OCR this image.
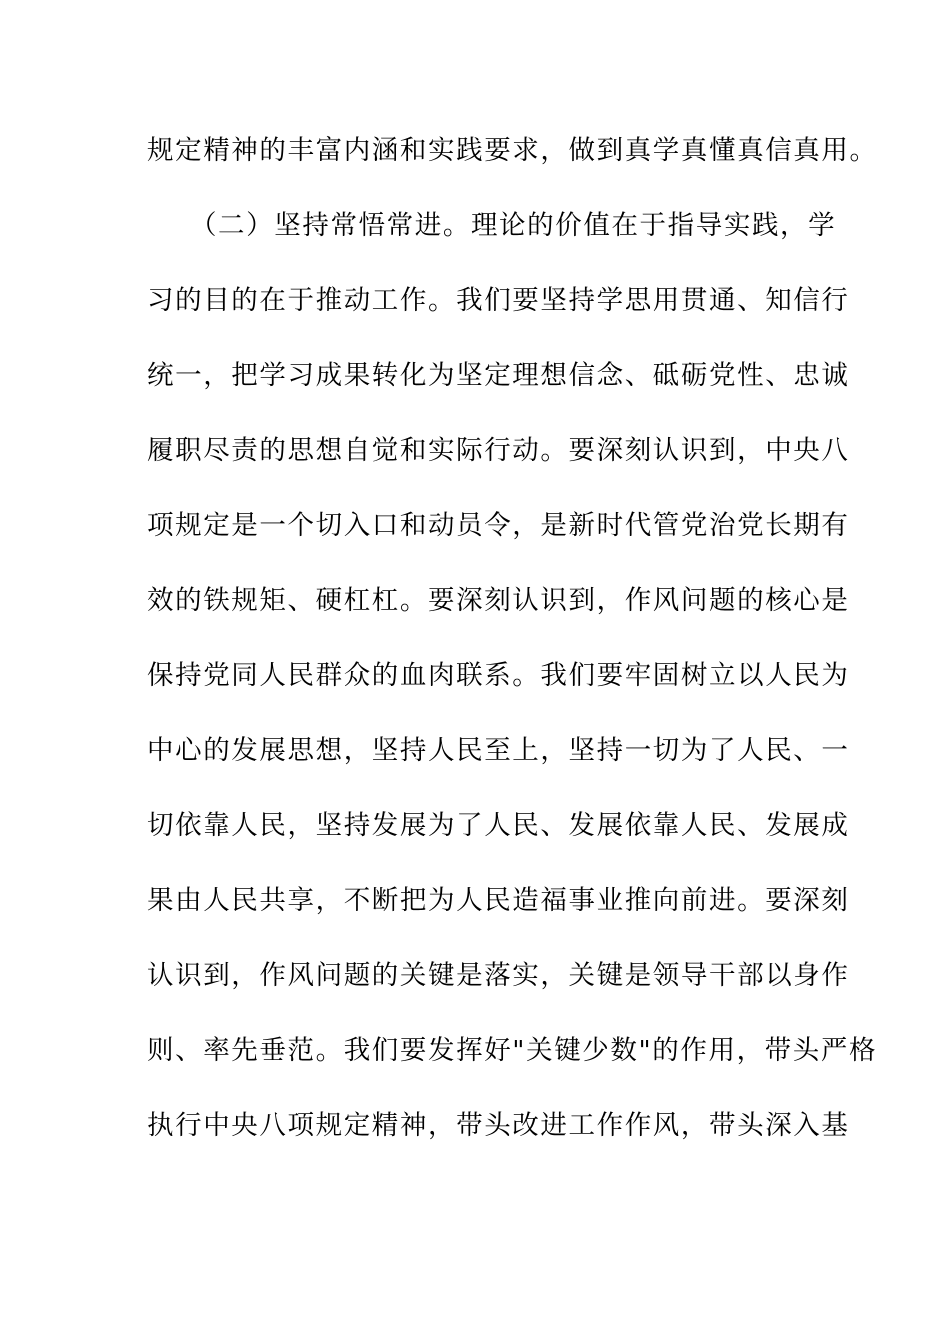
规定精神的丰富内涵和实践要求，做到真学真懂真信真用。
　　（二）坚持常悟常进。理论的价值在于指导实践，学
习的目的在于推动工作。我们要坚持学思用贯通、知信行
统一，把学习成果转化为坚定理想信念、砥砺党性、忠诚
履职尽责的思想自觉和实际行动。要深刻认识到，中央八
项规定是一个切入口和动员令，是新时代管党治党长期有
效的铁规矩、硬杠杠。要深刻认识到，作风问题的核心是
保持党同人民群众的血肉联系。我们要牢固树立以人民为
中心的发展思想，坚持人民至上，坚持一切为了人民、一
切依靠人民，坚持发展为了人民、发展依靠人民、发展成
果由人民共享，不断把为人民造福事业推向前进。要深刻
认识到，作风问题的关键是落实，关键是领导干部以身作
则、率先垂范。我们要发挥好"关键少数"的作用，带头严格
执行中央八项规定精神，带头改进工作作风，带头深入基
